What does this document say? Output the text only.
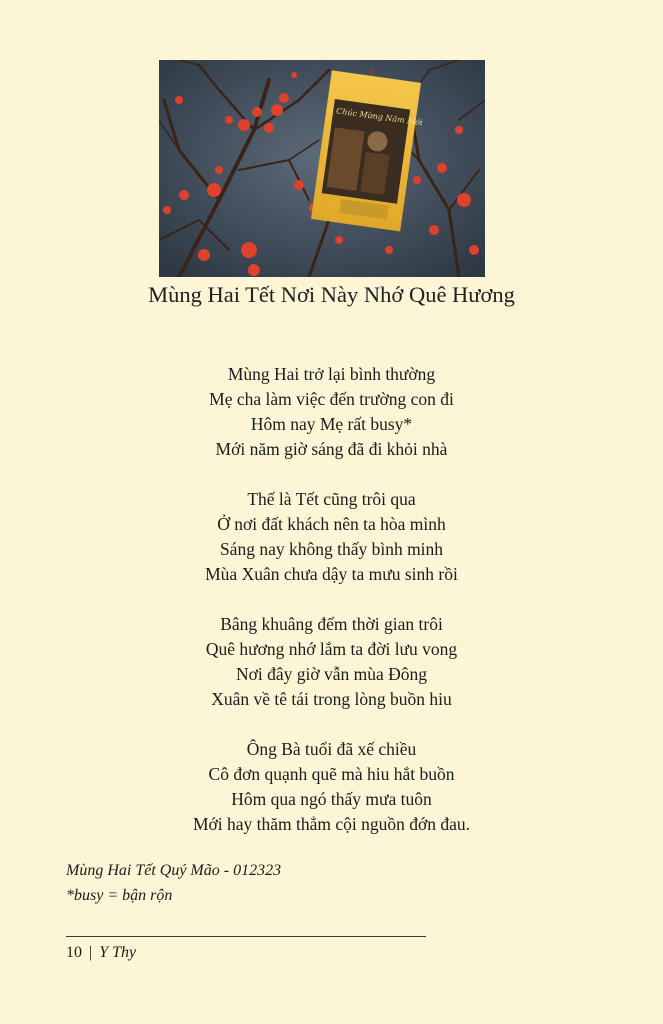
Chúc Mừng Năm Mới
Mùng Hai Tết Nơi Này Nhớ Quê Hương
Mùng Hai trở lại bình thường
Mẹ cha làm việc đến trường con đi
Hôm nay Mẹ rất busy*
Mới năm giờ sáng đã đi khỏi nhà
Thế là Tết cũng trôi qua
Ở nơi đất khách nên ta hòa mình
Sáng nay không thấy bình minh
Mùa Xuân chưa dậy ta mưu sinh rồi
Bâng khuâng đếm thời gian trôi
Quê hương nhớ lắm ta đời lưu vong
Nơi đây giờ vẫn mùa Đông
Xuân về tê tái trong lòng buồn hiu
Ông Bà tuổi đã xế chiều
Cô đơn quạnh quẽ mà hiu hắt buồn
Hôm qua ngó thấy mưa tuôn
Mới hay thăm thẳm cội nguồn đớn đau.
Mùng Hai Tết Quý Mão - 012323
*busy = bận rộn
10 | Y Thy
